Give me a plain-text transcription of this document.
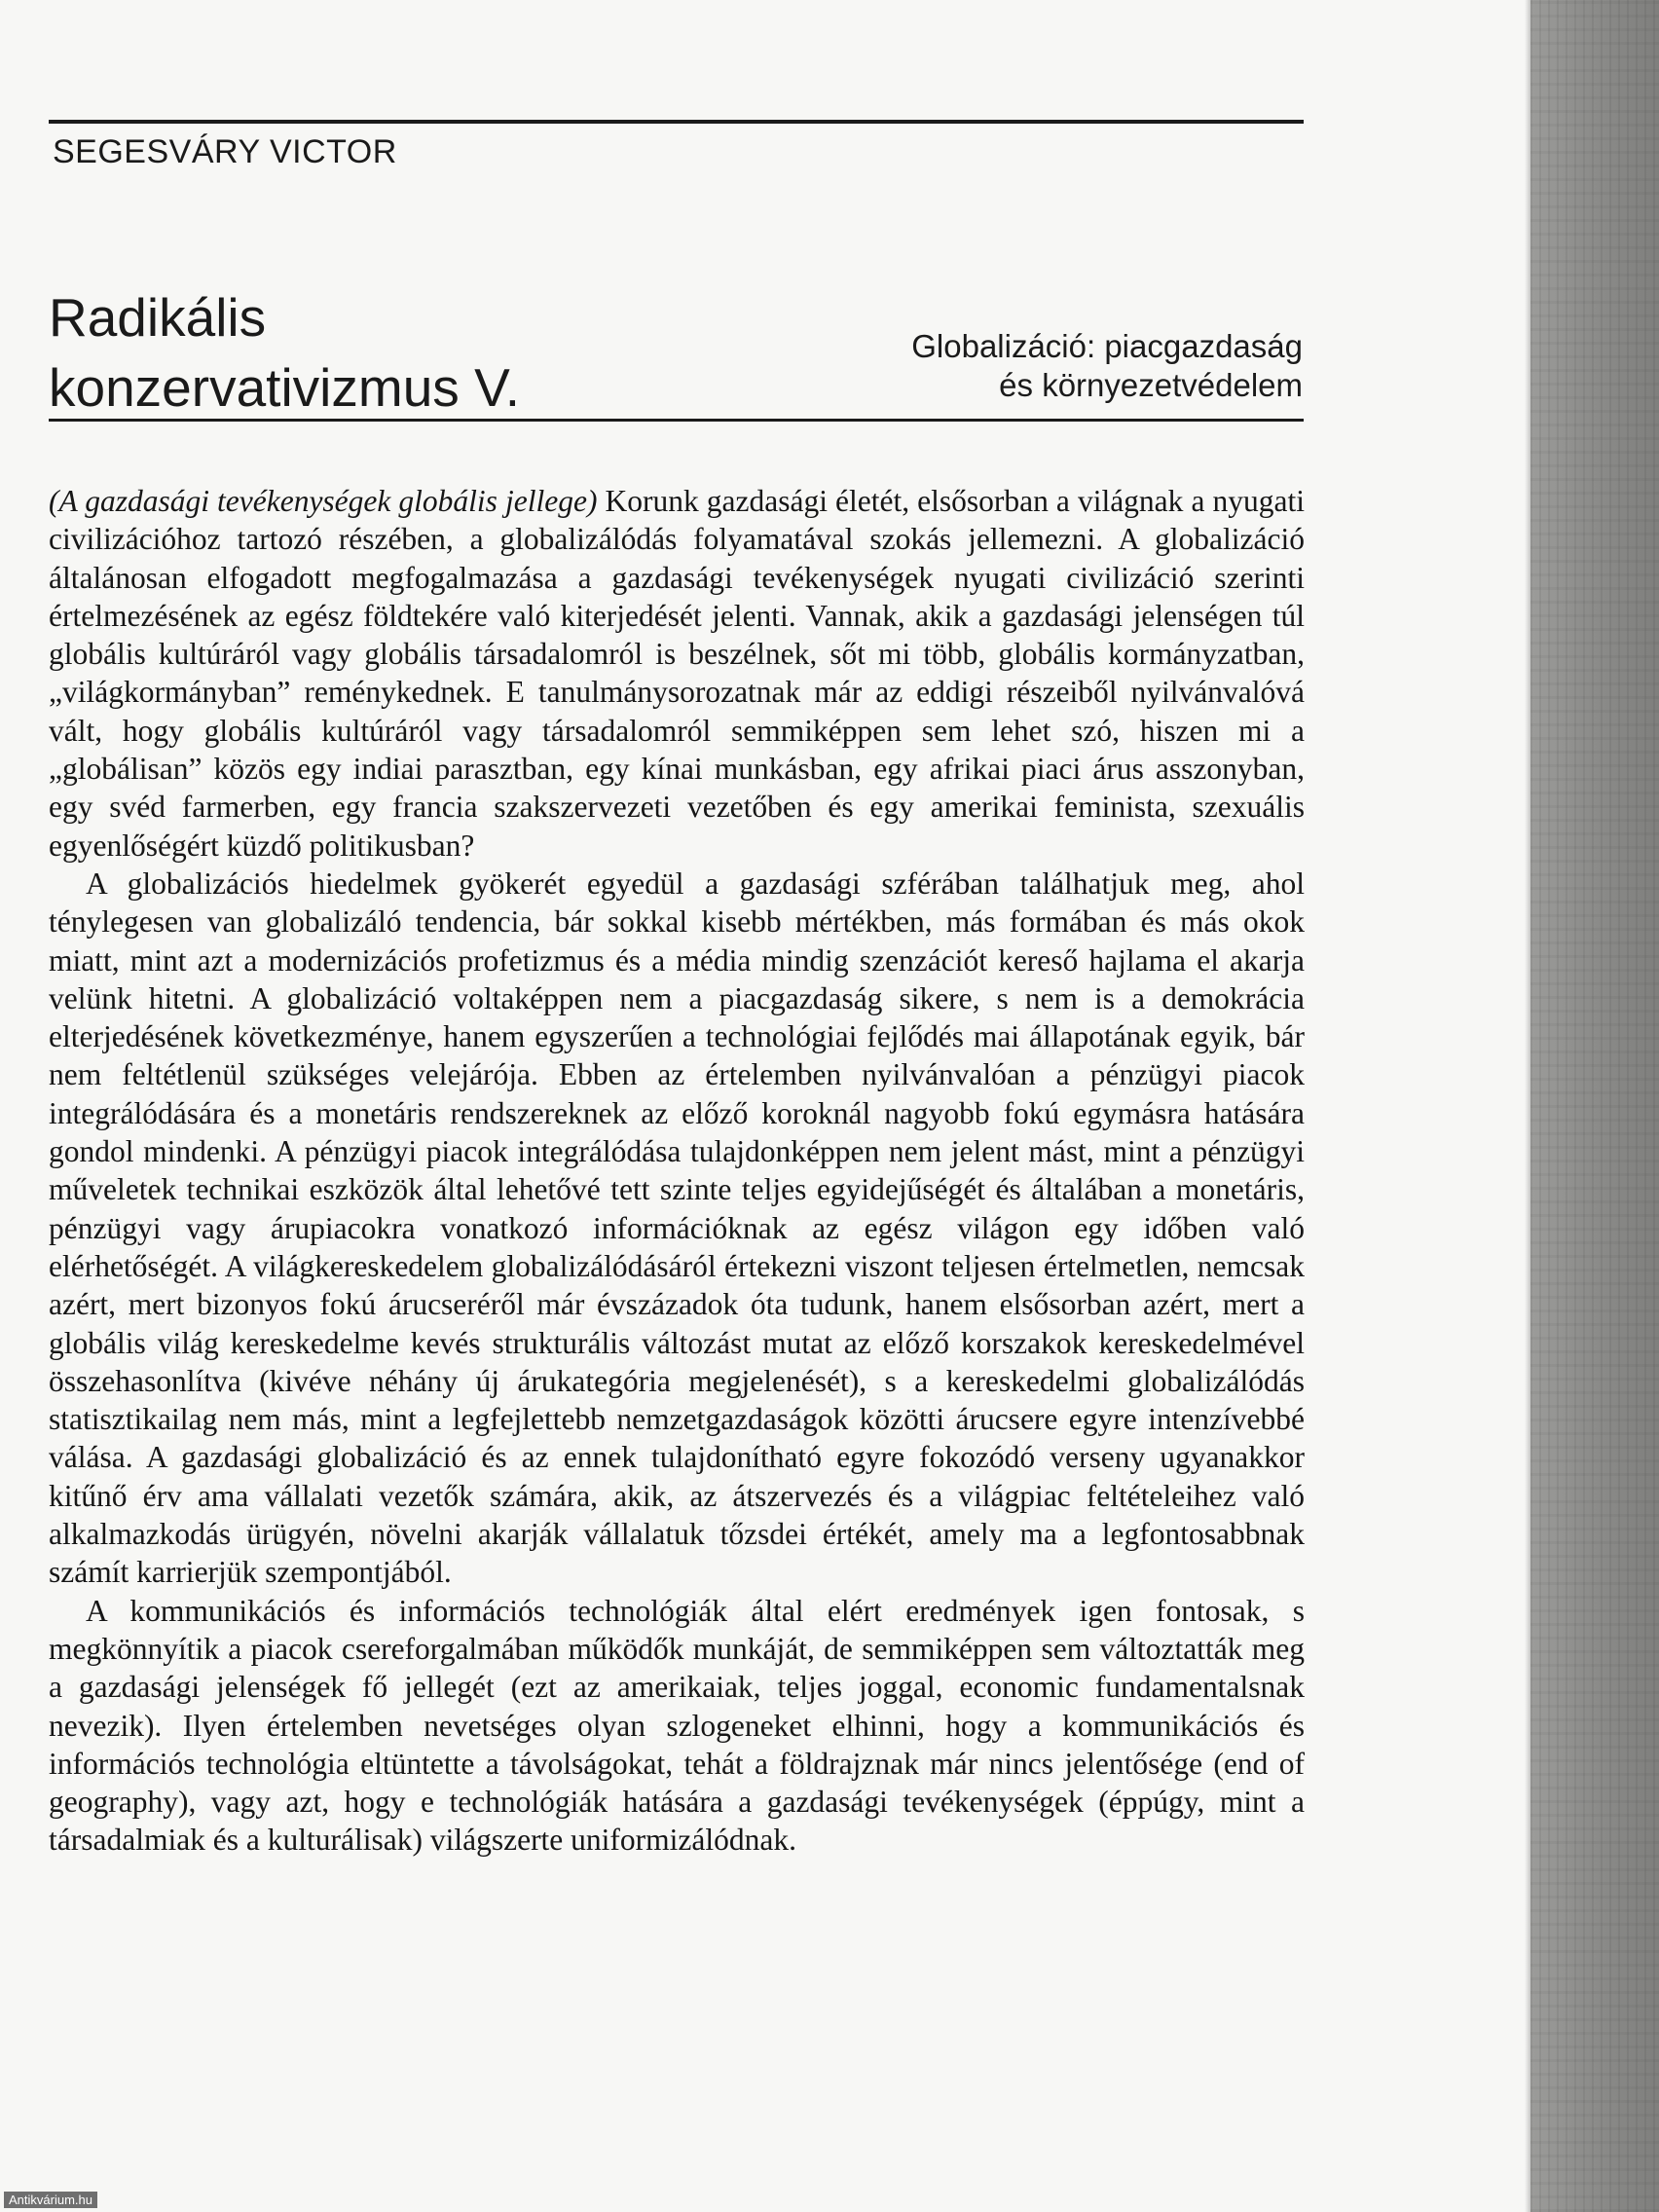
SEGESVÁRY VICTOR
Radikális
konzervativizmus V.
Globalizáció: piacgazdaság
és környezetvédelem

(A gazdasági tevékenységek globális jellege) Korunk gazdasági életét, elsősorban a világnak a nyugati civilizációhoz tartozó részében, a globalizálódás folyamatával szokás jellemezni. A globalizáció általánosan elfogadott megfogalmazása a gazdasági tevékenységek nyugati civilizáció szerinti értelmezésének az egész földtekére való kiterjedését jelenti. Vannak, akik a gazdasági jelenségen túl globális kultúráról vagy globális társadalomról is beszélnek, sőt mi több, globális kormányzatban, „világkormányban” reménykednek. E tanulmánysorozatnak már az eddigi részeiből nyilvánvalóvá vált, hogy globális kultúráról vagy társadalomról semmiképpen sem lehet szó, hiszen mi a „globálisan” közös egy indiai parasztban, egy kínai munkásban, egy afrikai piaci árus asszonyban, egy svéd farmerben, egy francia szakszervezeti vezetőben és egy amerikai feminista, szexuális egyenlőségért küzdő politikusban?

A globalizációs hiedelmek gyökerét egyedül a gazdasági szférában találhatjuk meg, ahol ténylegesen van globalizáló tendencia, bár sokkal kisebb mértékben, más formában és más okok miatt, mint azt a modernizációs profetizmus és a média mindig szenzációt kereső hajlama el akarja velünk hitetni. A globalizáció voltaképpen nem a piacgazdaság sikere, s nem is a demokrácia elterjedésének következménye, hanem egyszerűen a technológiai fejlődés mai állapotának egyik, bár nem feltétlenül szükséges velejárója. Ebben az értelemben nyilvánvalóan a pénzügyi piacok integrálódására és a monetáris rendszereknek az előző koroknál nagyobb fokú egymásra hatására gondol mindenki. A pénzügyi piacok integrálódása tulajdonképpen nem jelent mást, mint a pénzügyi műveletek technikai eszközök által lehetővé tett szinte teljes egyidejűségét és általában a monetáris, pénzügyi vagy árupiacokra vonatkozó információknak az egész világon egy időben való elérhetőségét. A világkereskedelem globalizálódásáról értekezni viszont teljesen értelmetlen, nemcsak azért, mert bizonyos fokú árucseréről már évszázadok óta tudunk, hanem elsősorban azért, mert a globális világ kereskedelme kevés strukturális változást mutat az előző korszakok kereskedelmével összehasonlítva (kivéve néhány új árukategória megjelenését), s a kereskedelmi globalizálódás statisztikailag nem más, mint a legfejlettebb nemzetgazdaságok közötti árucsere egyre intenzívebbé válása. A gazdasági globalizáció és az ennek tulajdonítható egyre fokozódó verseny ugyanakkor kitűnő érv ama vállalati vezetők számára, akik, az átszervezés és a világpiac feltételeihez való alkalmazkodás ürügyén, növelni akarják vállalatuk tőzsdei értékét, amely ma a legfontosabbnak számít karrierjük szempontjából.

A kommunikációs és információs technológiák által elért eredmények igen fontosak, s megkönnyítik a piacok csereforgalmában működők munkáját, de semmiképpen sem változtatták meg a gazdasági jelenségek fő jellegét (ezt az amerikaiak, teljes joggal, economic fundamentalsnak nevezik). Ilyen értelemben nevetséges olyan szlogeneket elhinni, hogy a kommunikációs és információs technológia eltüntette a távolságokat, tehát a földrajznak már nincs jelentősége (end of geography), vagy azt, hogy e technológiák hatására a gazdasági tevékenységek (éppúgy, mint a társadalmiak és a kulturálisak) világszerte uniformizálódnak.

Antikvárium.hu
